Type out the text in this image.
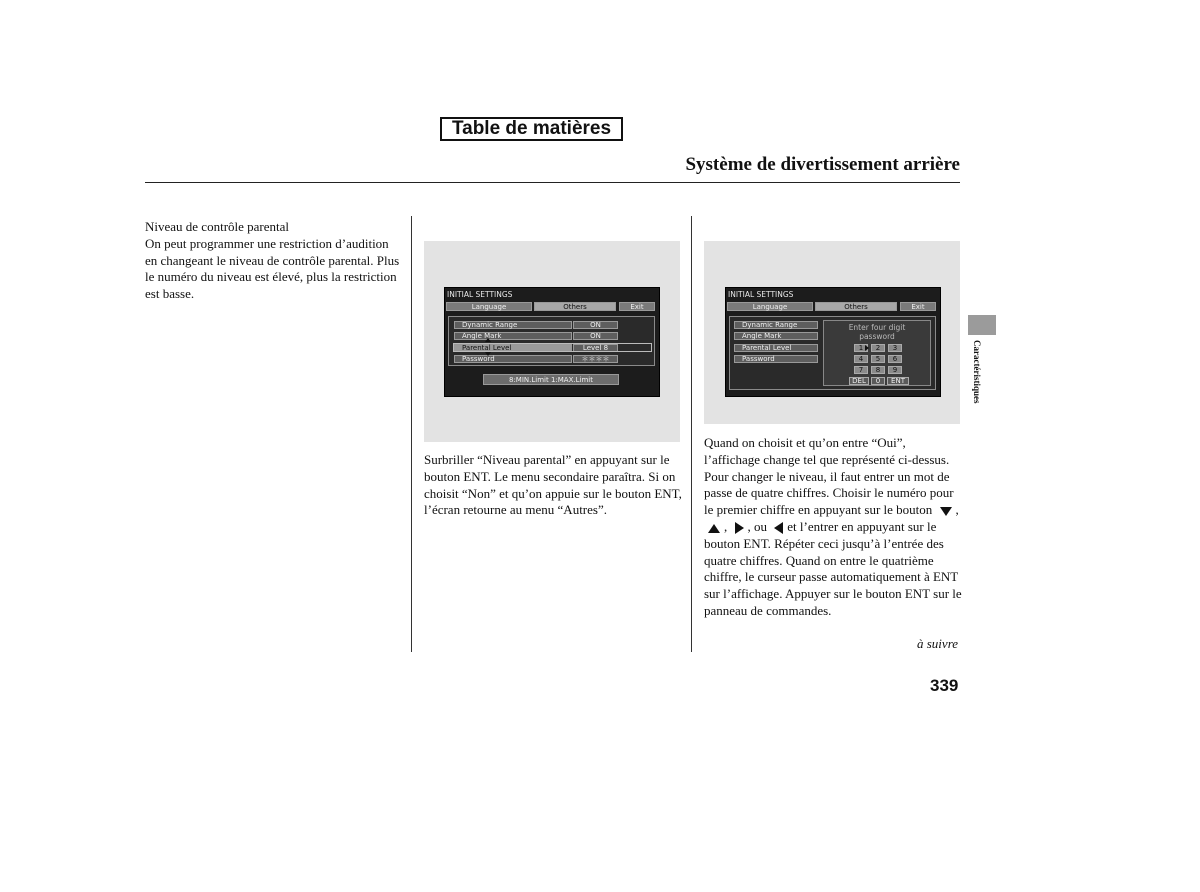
Table de matières
Système de divertissement arrière

Niveau de contrôle parental

On peut programmer une restriction d’audition en changeant le niveau de contrôle parental. Plus le numéro du niveau est élevé, plus la restriction est basse.	INITIAL SETTINGS
Language	Others	Exit
Dynamic Range	ON
Angle Mark	ON
Parental Level	Level 8
Password	＊＊＊＊
8:MIN.Limit 1:MAX.Limit

Surbriller “Niveau parental” en appuyant sur le bouton ENT. Le menu secondaire paraîtra. Si on choisit “Non” et qu’on appuie sur le bouton ENT, l’écran retourne au menu “Autres”.

INITIAL SETTINGS
Language	Others	Exit
Dynamic Range
Angle Mark
Parental Level
Password
Enter four digit
password
1	2	3
4	5	6
7	8	9
DEL	0	ENT

Quand on choisit et qu’on entre “Oui”, l’affichage change tel que représenté ci-dessus. Pour changer le niveau, il faut entrer un mot de passe de quatre chiffres. Choisir le numéro pour le premier chiffre en appuyant sur le bouton , , , ou et l’entrer en appuyant sur le bouton ENT. Répéter ceci jusqu’à l’entrée des quatre chiffres. Quand on entre le quatrième chiffre, le curseur passe automatiquement à ENT sur l’affichage. Appuyer sur le bouton ENT sur le panneau de commandes.

à suivre
Caractéristiques
339
